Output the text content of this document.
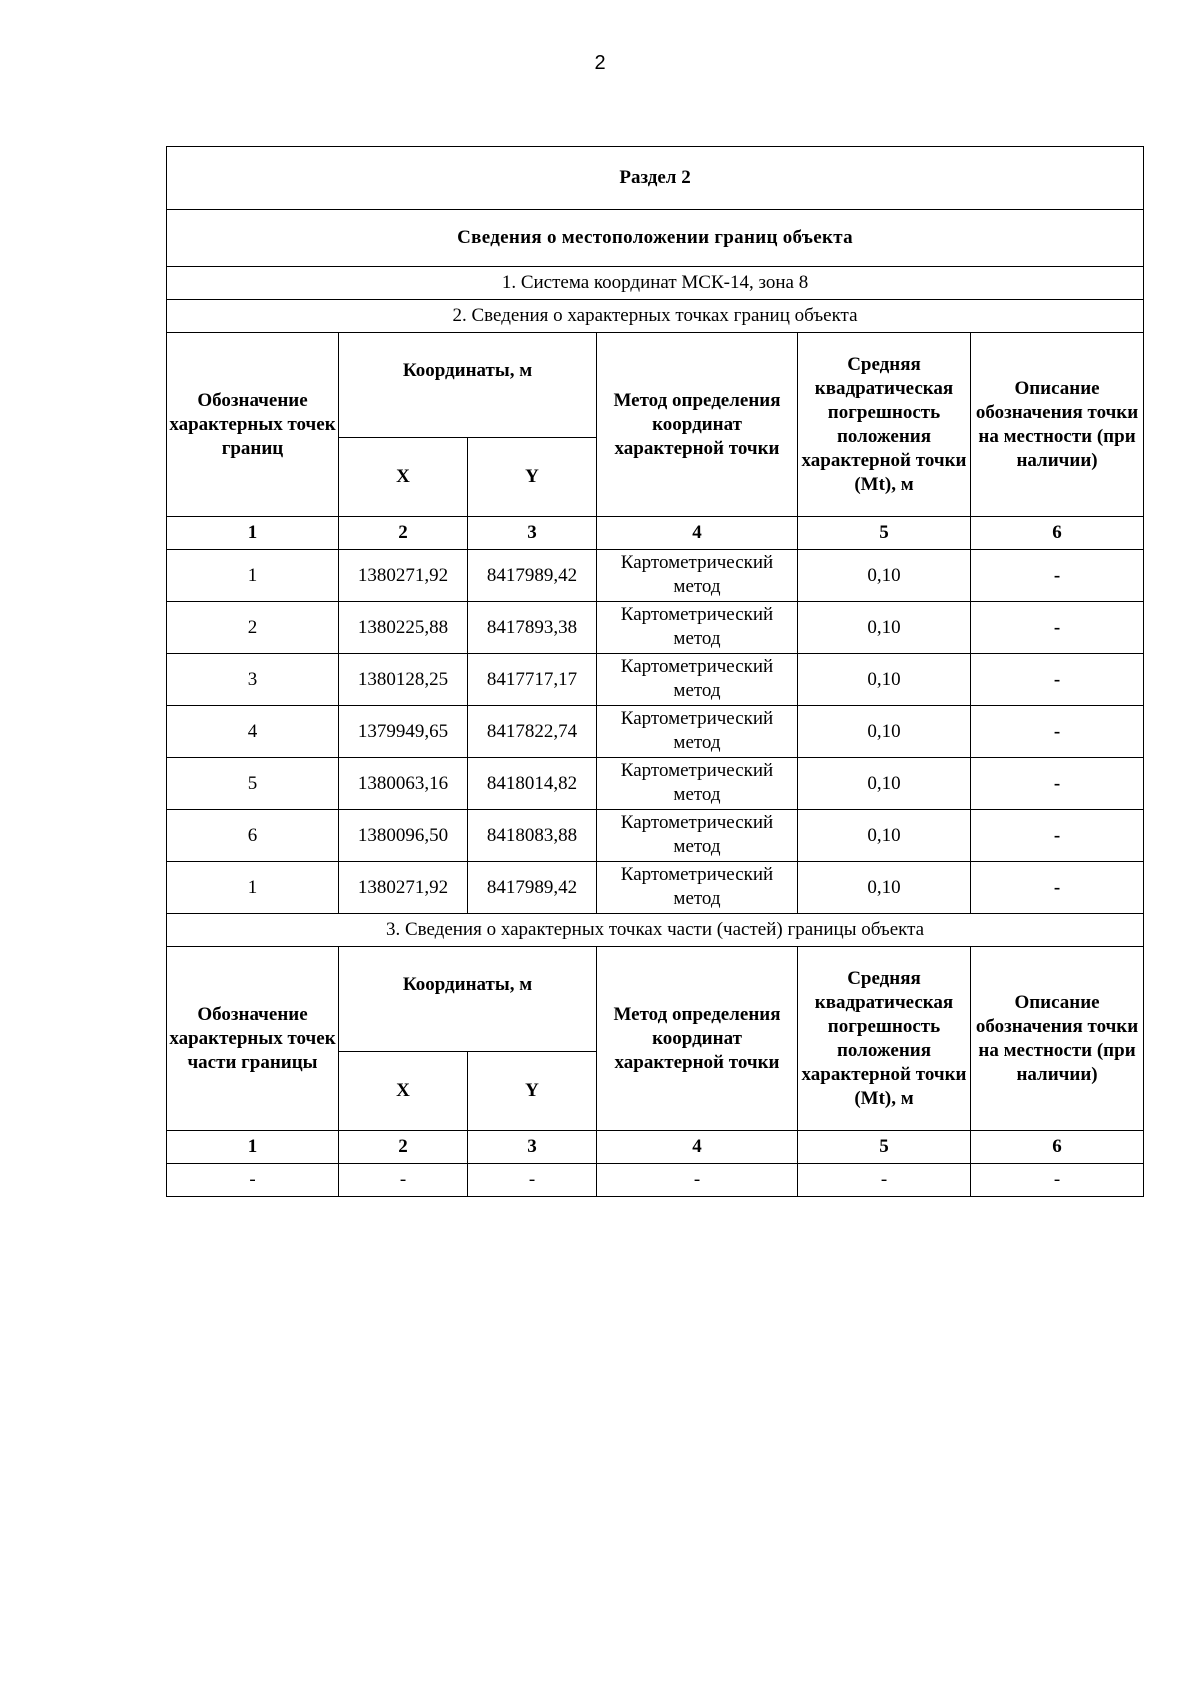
2
Раздел 2					
Сведения о местоположении границ объекта					
1. Система координат МСК-14, зона 8					
2. Сведения о характерных точках границ объекта					
Обозначение характерных точек границ	Координаты, м		Метод определения координат характерной точки	Средняя квадратическая погрешность положения характерной точки (Mt), м	Описание обозначения точки на местности (при наличии)
	X	Y			
1	2	3	4	5	6
1	1380271,92	8417989,42	Картометрический метод	0,10	-
2	1380225,88	8417893,38	Картометрический метод	0,10	-
3	1380128,25	8417717,17	Картометрический метод	0,10	-
4	1379949,65	8417822,74	Картометрический метод	0,10	-
5	1380063,16	8418014,82	Картометрический метод	0,10	-
6	1380096,50	8418083,88	Картометрический метод	0,10	-
1	1380271,92	8417989,42	Картометрический метод	0,10	-
3. Сведения о характерных точках части (частей) границы объекта					
Обозначение характерных точек части границы	Координаты, м		Метод определения координат характерной точки	Средняя квадратическая погрешность положения характерной точки (Mt), м	Описание обозначения точки на местности (при наличии)
	X	Y			
1	2	3	4	5	6
-	-	-	-	-	-
